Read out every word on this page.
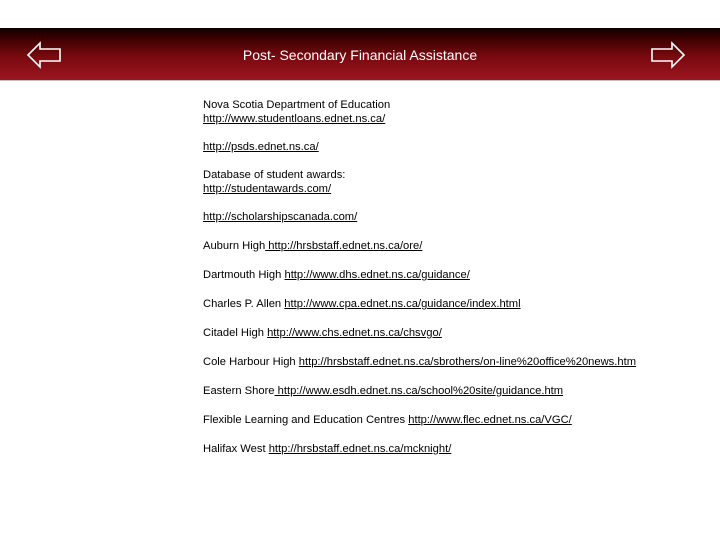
Post- Secondary Financial Assistance
Nova Scotia Department of Education
http://www.studentloans.ednet.ns.ca/
http://psds.ednet.ns.ca/
Database of student awards:
http://studentawards.com/
http://scholarshipscanada.com/
Auburn High http://hrsbstaff.ednet.ns.ca/ore/
Dartmouth High http://www.dhs.ednet.ns.ca/guidance/
Charles P. Allen http://www.cpa.ednet.ns.ca/guidance/index.html
Citadel High http://www.chs.ednet.ns.ca/chsvgo/
Cole Harbour High http://hrsbstaff.ednet.ns.ca/sbrothers/on-line%20office%20news.htm
Eastern Shore http://www.esdh.ednet.ns.ca/school%20site/guidance.htm
Flexible Learning and Education Centres http://www.flec.ednet.ns.ca/VGC/
Halifax West http://hrsbstaff.ednet.ns.ca/mcknight/
